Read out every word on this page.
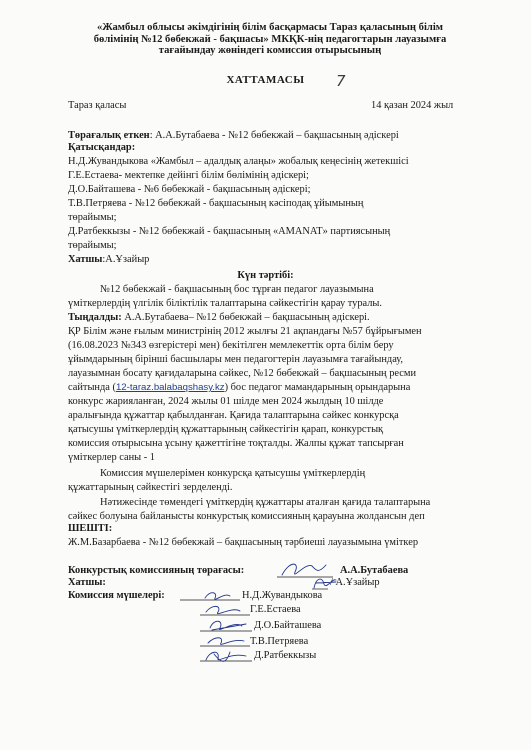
«Жамбыл облысы әкімдігінің білім басқармасы Тараз қаласының білім
бөлімінің №12 бөбекжай - бақшасы» МКҚК-нің педагогтарын лауазымға
тағайындау жөніндегі комиссия отырысының
ХАТТАМАСЫ	7
Тараз қаласы	14 қазан 2024 жыл
Төрағалық еткен: А.А.Бутабаева - №12 бөбекжай – бақшасының әдіскері
Қатысқандар:
Н.Д.Жувандыкова «Жамбыл – адалдық алаңы» жобалық кеңесінің жетекшісі
Г.Е.Естаева- мектепке дейінгі білім бөлімінің әдіскері;
Д.О.Байташева - №6 бөбекжай - бақшасының әдіскері;
Т.В.Петряева - №12 бөбекжай - бақшасының кәсіподақ ұйымының
төрайымы;
Д.Ратбеккызы - №12 бөбекжай - бақшасының «AMANAT» партиясының
төрайымы;
Хатшы:А.Ұзайыр
Күн тәртібі:
№12 бөбекжай - бақшасының бос тұрған педагог лауазымына
үміткерлердің үлгілік біліктілік талаптарына сәйкестігін қарау туралы.
Тыңдалды: А.А.Бутабаева– №12 бөбекжай – бақшасының әдіскері.
ҚР Білім және ғылым министрінің 2012 жылғы 21 ақпандағы №57 бұйрығымен
(16.08.2023 №343 өзгерістері мен) бекітілген мемлекеттік орта білім беру
ұйымдарының бірінші басшылары мен педагогтерін лауазымға тағайындау,
лауазымнан босату қағидаларына сәйкес, №12 бөбекжай – бақшасының ресми
сайтында (12-taraz.balabaqshasy.kz) бос педагог мамандарының орындарына
конкурс жарияланған, 2024 жылы 01 шілде мен 2024 жылдың 10 шілде
аралығында құжаттар қабылданған. Қағида талаптарына сәйкес конкурсқа
қатысушы үміткерлердің құжаттарының сәйкестігін қарап, конкурстық
комиссия отырысына ұсыну қажеттігіне тоқталды. Жалпы құжат тапсырған
үміткерлер саны - 1
Комиссия мүшелерімен конкурсқа қатысушы үміткерлердің
құжаттарының сәйкестігі зерделенді.
Нәтижесінде төмендегі үміткердің құжаттары аталған қағида талаптарына
сәйкес болуына байланысты конкурстық комиссияның қарауына жолдансын деп
ШЕШТІ:
Ж.М.Базарбаева - №12 бөбекжай – бақшасының тәрбиеші лауазымына үміткер
Конкурстық комиссияның төрағасы:	А.А.Бутабаева
Хатшы:	/ А.Ұзайыр
Комиссия мүшелері:	Н.Д.Жувандыкова
Г.Е.Естаева
Д.О.Байташева
Т.В.Петряева
Д.Ратбеккызы
